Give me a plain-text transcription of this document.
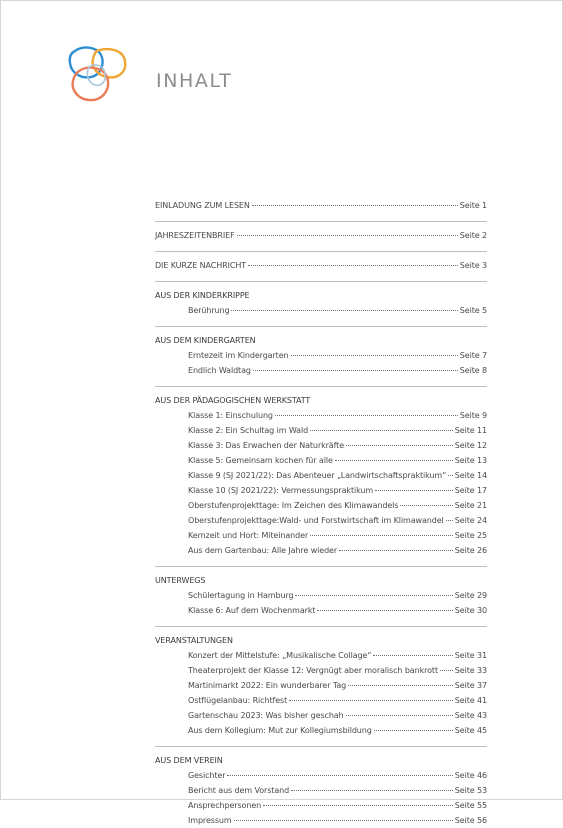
INHALT
EINLADUNG ZUM LESEN	Seite 1
JAHRESZEITENBRIEF	Seite 2
DIE KURZE NACHRICHT	Seite 3
AUS DER KINDERKRIPPE
Berührung	Seite 5
AUS DEM KINDERGARTEN
Erntezeit im Kindergarten	Seite 7
Endlich Waldtag	Seite 8
AUS DER PÄDAGOGISCHEN WERKSTATT
Klasse 1: Einschulung	Seite 9
Klasse 2: Ein Schultag im Wald	Seite 11
Klasse 3: Das Erwachen der Naturkräfte	Seite 12
Klasse 5: Gemeinsam kochen für alle	Seite 13
Klasse 9 (SJ 2021/22): Das Abenteuer „Landwirtschaftspraktikum“ Seite 14
Klasse 10 (SJ 2021/22): Vermessungspraktikum	Seite 17
Oberstufenprojekttage: Im Zeichen des Klimawandels	Seite 21
Oberstufenprojekttage:Wald- und Forstwirtschaft im Klimawandel Seite 24
Kernzeit und Hort: Miteinander	Seite 25
Aus dem Gartenbau: Alle Jahre wieder	Seite 26
UNTERWEGS
Schülertagung in Hamburg	Seite 29
Klasse 6: Auf dem Wochenmarkt	Seite 30
VERANSTALTUNGEN
Konzert der Mittelstufe: „Musikalische Collage“	Seite 31
Theaterprojekt der Klasse 12: Vergnügt aber moralisch bankrott Seite 33
Martinimarkt 2022: Ein wunderbarer Tag	Seite 37
Ostflügelanbau: Richtfest	Seite 41
Gartenschau 2023: Was bisher geschah	Seite 43
Aus dem Kollegium: Mut zur Kollegiumsbildung	Seite 45
AUS DEM VEREIN
Gesichter	Seite 46
Bericht aus dem Vorstand	Seite 53
Ansprechpersonen	Seite 55
Impressum	Seite 56
